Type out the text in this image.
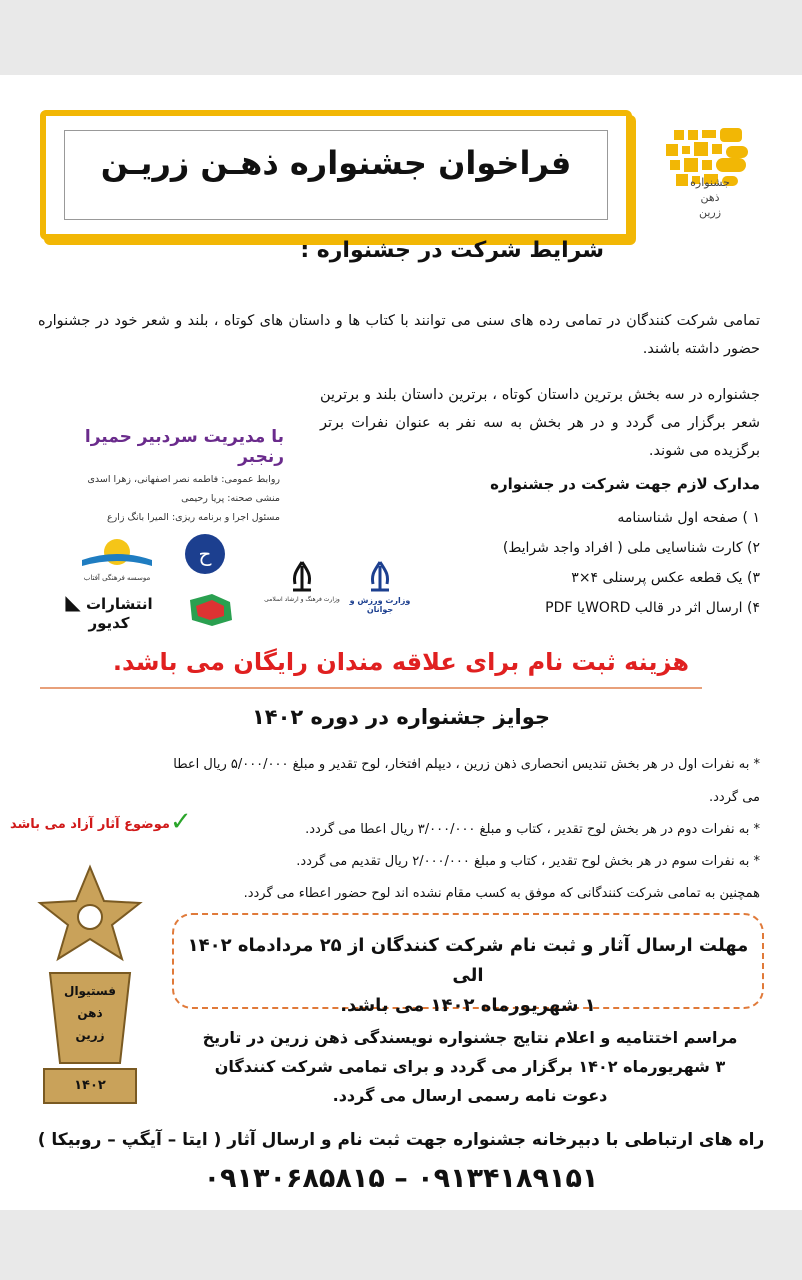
جشنواره
ذهن
زرین
فراخوان جشنواره ذهـن زریـن
شرایط شرکت در جشنواره :
تمامی شرکت کنندگان در تمامی رده های سنی می توانند با کتاب ها و داستان های کوتاه ، بلند و شعر خود در جشنواره حضور داشته باشند.
جشنواره در سه بخش برترین داستان کوتاه ، برترین داستان بلند و برترین شعر برگزار می گردد و در هر بخش به سه نفر به عنوان نفرات برتر برگزیده می شوند.
با مدیریت سردبیر حمیرا رنجبر
روابط عمومی: فاطمه نصر اصفهانی، زهرا اسدی
منشی صحنه: پریا رحیمی
مسئول اجرا و برنامه ریزی: المیرا بانگ زارع
مدارک لازم جهت شرکت در جشنواره
۱ ) صفحه اول شناسنامه
۲) کارت شناسایی ملی ( افراد واجد شرایط)
۳) یک قطعه عکس پرسنلی ۴×۳
۴) ارسال اثر در قالب WORDیا PDF
موسسه فرهنگی آفتاب
◣ انتشارات کدیور
ح
وزارت فرهنگ و ارشاد اسلامی	وزارت ورزش و جوانان
هزینه ثبت نام برای علاقه مندان رایگان می باشد.
جوایز جشنواره در دوره ۱۴۰۲
* به نفرات اول در هر بخش تندیس انحصاری ذهن زرین ، دیپلم افتخار، لوح تقدیر و مبلغ ۵/۰۰۰/۰۰۰ ریال اعطا
می گردد.
* به نفرات دوم در هر بخش لوح تقدیر ، کتاب و مبلغ ۳/۰۰۰/۰۰۰ ریال اعطا می گردد.
* به نفرات سوم در هر بخش لوح تقدیر ، کتاب و مبلغ ۲/۰۰۰/۰۰۰ ریال تقدیم می گردد.
همچنین به تمامی شرکت کنندگانی که موفق به کسب مقام نشده اند لوح حضور اعطاء می گردد.
موضوع آثار آزاد می باشد ✓
مهلت ارسال آثار و ثبت نام شرکت کنندگان از ۲۵ مردادماه ۱۴۰۲ الی
۱ شهریورماه ۱۴۰۲ می باشد.
فستیوال
ذهن
زرین
۱۴۰۲
مراسم اختتامیه و اعلام نتایج جشنواره نویسندگی ذهن زرین در تاریخ
۳ شهریورماه ۱۴۰۲ برگزار می گردد و برای تمامی شرکت کنندگان
دعوت نامه رسمی ارسال می گردد.
راه های ارتباطی با دبیرخانه جشنواره جهت ثبت نام و ارسال آثار ( ایتا – آیگپ – روبیکا )
۰۹۱۳۰۶۸۵۸۱۵ – ۰۹۱۳۴۱۸۹۱۵۱
